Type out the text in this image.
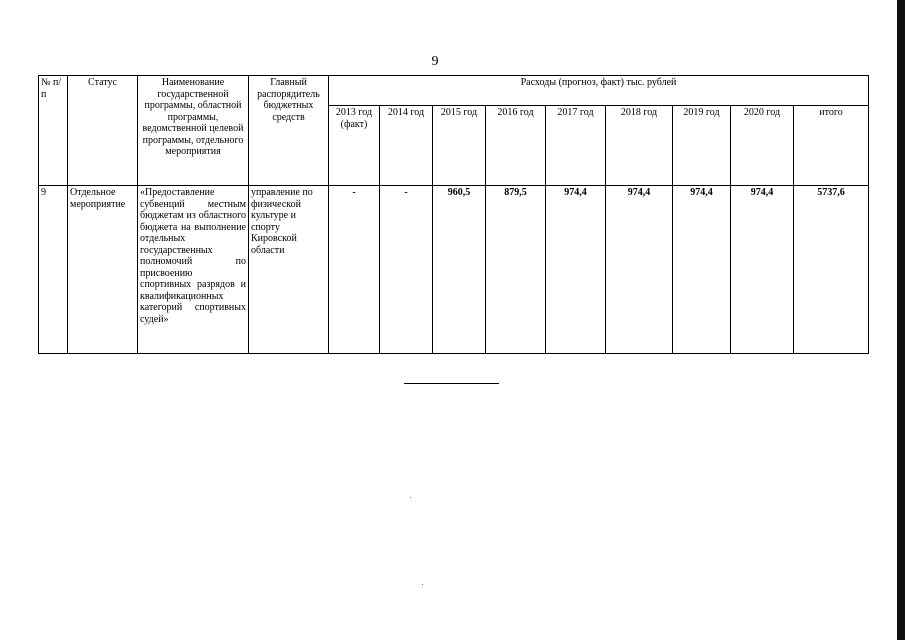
9
№ п/п	Статус	Наименование государственной программы, областной программы, ведомственной целевой программы, отдельного мероприятия	Главный распорядитель бюджетных средств	Расходы (прогноз, факт) тыс. рублей								
				2013 год (факт)	2014 год	2015 год	2016 год	2017 год	2018 год	2019 год	2020 год	итого
9	Отдельное мероприятие	«Предоставление субвенций местным бюджетам из областного бюджета на выполнение отдельных государственных полномочий по присвоению спортивных разрядов и квалификационных категорий спортивных судей»	управление по физической культуре и спорту Кировской области	-	-	960,5	879,5	974,4	974,4	974,4	974,4	5737,6
